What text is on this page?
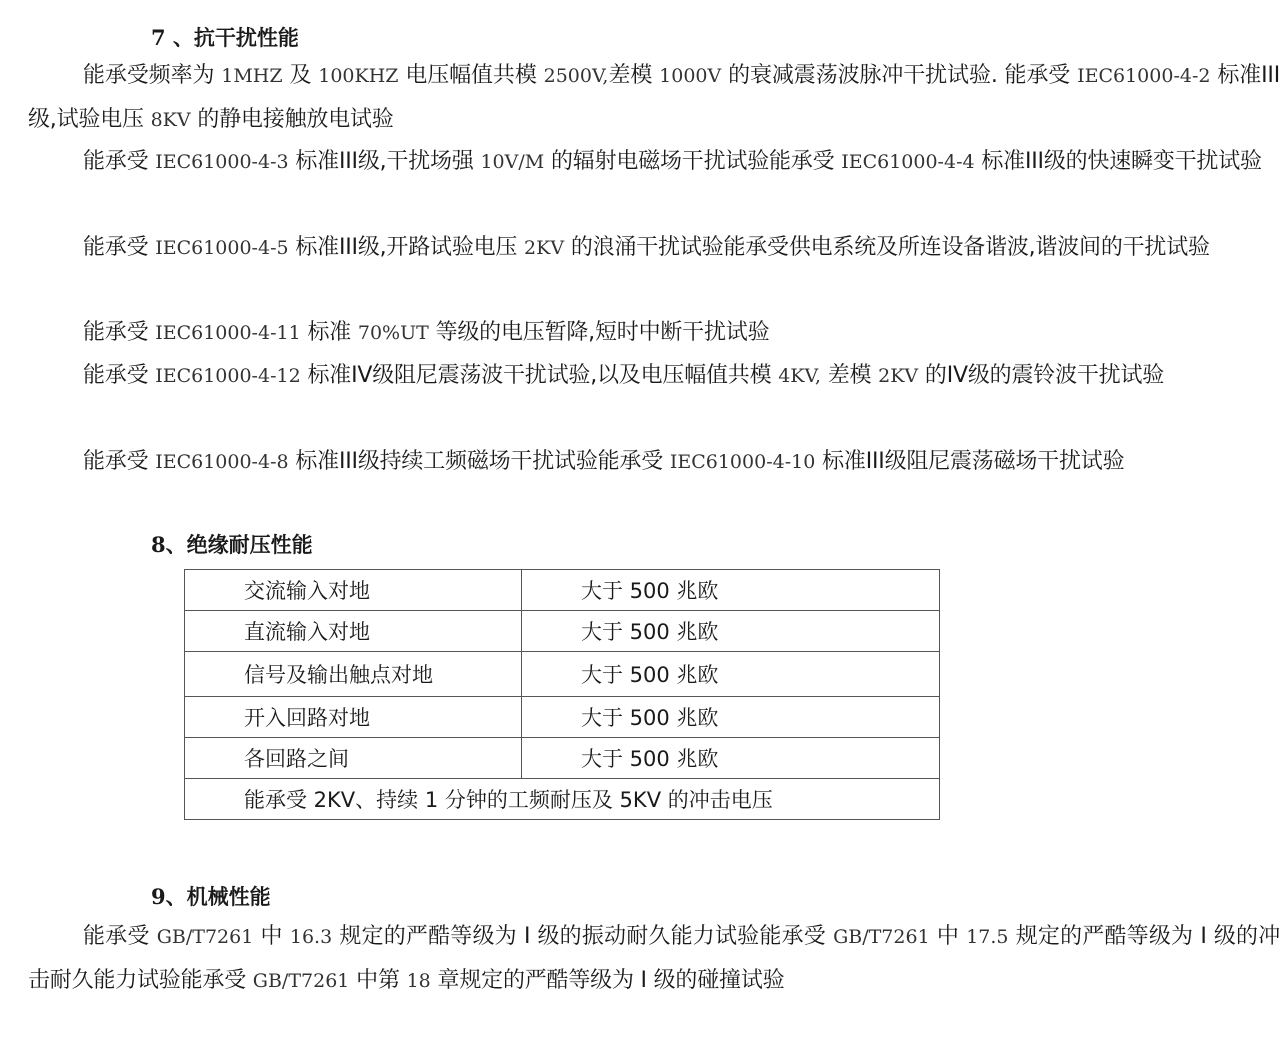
7 、抗干扰性能
能承受频率为 1MHZ 及 100KHZ 电压幅值共模 2500V,差模 1000V 的衰减震荡波脉冲干扰试验. 能承受 IEC61000-4-2 标准III级,试验电压 8KV 的静电接触放电试验
能承受 IEC61000-4-3 标准III级,干扰场强 10V/M 的辐射电磁场干扰试验能承受 IEC61000-4-4 标准III级的快速瞬变干扰试验
能承受 IEC61000-4-5 标准III级,开路试验电压 2KV 的浪涌干扰试验能承受供电系统及所连设备谐波,谐波间的干扰试验
能承受 IEC61000-4-11 标准 70%UT 等级的电压暂降,短时中断干扰试验
能承受 IEC61000-4-12 标准IV级阻尼震荡波干扰试验,以及电压幅值共模 4KV, 差模 2KV 的IV级的震铃波干扰试验
能承受 IEC61000-4-8 标准III级持续工频磁场干扰试验能承受 IEC61000-4-10 标准III级阻尼震荡磁场干扰试验
8、绝缘耐压性能
交流输入对地	大于 500 兆欧
直流输入对地	大于 500 兆欧
信号及输出触点对地	大于 500 兆欧
开入回路对地	大于 500 兆欧
各回路之间	大于 500 兆欧
能承受 2KV、持续 1 分钟的工频耐压及 5KV 的冲击电压	
9、机械性能
能承受 GB/T7261 中 16.3 规定的严酷等级为 I 级的振动耐久能力试验能承受 GB/T7261 中 17.5 规定的严酷等级为 I 级的冲击耐久能力试验能承受 GB/T7261 中第 18 章规定的严酷等级为 I 级的碰撞试验
